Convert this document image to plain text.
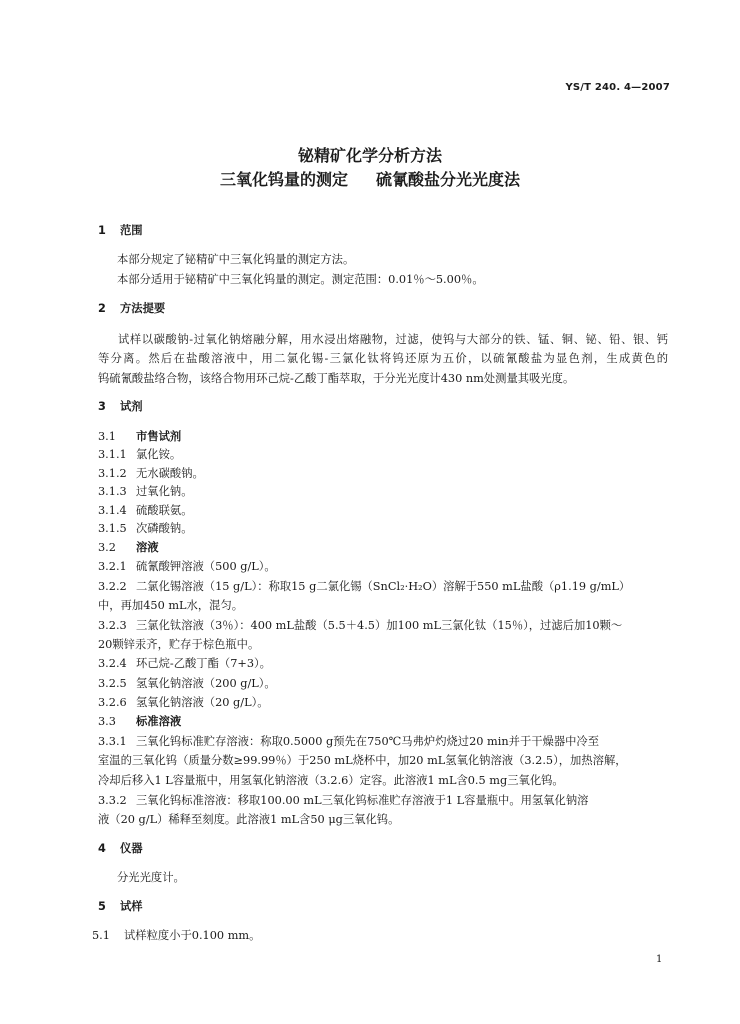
YS/T 240. 4—2007
铋精矿化学分析方法
三氧化钨量的测定 硫氰酸盐分光光度法
1 范围
本部分规定了铋精矿中三氧化钨量的测定方法。
本部分适用于铋精矿中三氧化钨量的测定。测定范围：0.01％～5.00％。
2 方法提要
试样以碳酸钠-过氧化钠熔融分解，用水浸出熔融物，过滤，使钨与大部分的铁、锰、铜、铋、铅、银、钙
等分离。然后在盐酸溶液中，用二氯化锡-三氯化钛将钨还原为五价，以硫氰酸盐为显色剂，生成黄色的
钨硫氰酸盐络合物，该络合物用环己烷-乙酸丁酯萃取，于分光光度计430 nm处测量其吸光度。
3 试剂
3.1 市售试剂
3.1.1 氯化铵。
3.1.2 无水碳酸钠。
3.1.3 过氧化钠。
3.1.4 硫酸联氨。
3.1.5 次磷酸钠。
3.2 溶液
3.2.1 硫氰酸钾溶液（500 g/L）。
3.2.2 二氯化锡溶液（15 g/L）：称取15 g二氯化锡（SnCl₂·H₂O）溶解于550 mL盐酸（ρ1.19 g/mL）
中，再加450 mL水，混匀。
3.2.3 三氯化钛溶液（3％）：400 mL盐酸（5.5＋4.5）加100 mL三氯化钛（15％），过滤后加10颗～
20颗锌汞齐，贮存于棕色瓶中。
3.2.4 环己烷-乙酸丁酯（7+3）。
3.2.5 氢氧化钠溶液（200 g/L）。
3.2.6 氢氧化钠溶液（20 g/L）。
3.3 标准溶液
3.3.1 三氧化钨标准贮存溶液：称取0.5000 g预先在750℃马弗炉灼烧过20 min并于干燥器中冷至
室温的三氧化钨（质量分数≥99.99％）于250 mL烧杯中，加20 mL氢氧化钠溶液（3.2.5），加热溶解，
冷却后移入1 L容量瓶中，用氢氧化钠溶液（3.2.6）定容。此溶液1 mL含0.5 mg三氧化钨。
3.3.2 三氧化钨标准溶液：移取100.00 mL三氧化钨标准贮存溶液于1 L容量瓶中。用氢氧化钠溶
液（20 g/L）稀释至刻度。此溶液1 mL含50 μg三氧化钨。
4 仪器
分光光度计。
5 试样
5.1 试样粒度小于0.100 mm。
1
